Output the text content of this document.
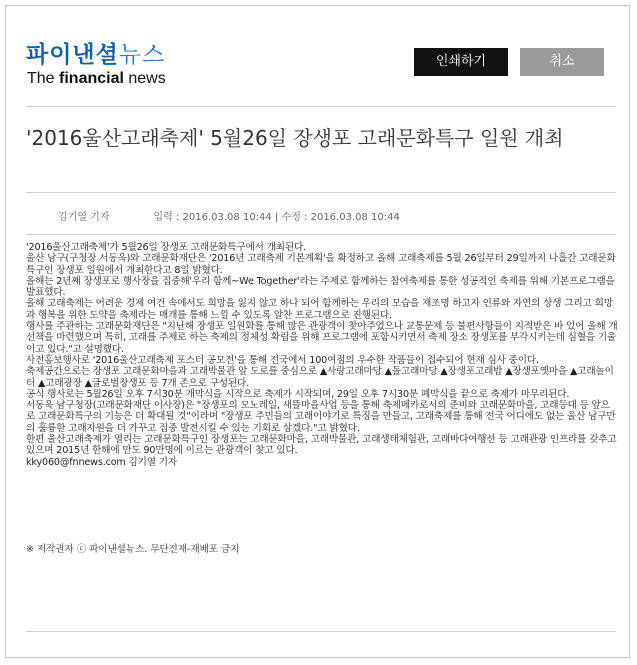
파이낸셜뉴스
The financial news
인쇄하기	취소
'2016울산고래축제' 5월26일 장생포 고래문화특구 일원 개최
김기열 기자	입력 : 2016.03.08 10:44 | 수정 : 2016.03.08 10:44

'2016울산고래축제'가 5월26일 장생포 고래문화특구에서 개최된다.

울산 남구(구청장 서동욱)와 고래문화재단은 '2016년 고래축제 기본계획'을 확정하고 올해 고래축제를 5월 26일부터 29일까지 나흘간 고래문화특구인 장생포 일원에서 개최한다고 8일 밝혔다.

올해는 2년째 장생포로 행사장을 집중해'우리 함께~We Together'라는 주제로 함께하는 참여축제를 통한 성공적인 축제를 위해 기본프로그램을 발표했다.

올해 고래축제는 어려운 경제 여건 속에서도 희망을 잃지 않고 하나 되어 함께하는 우리의 모습을 재조명 하고자 인류와 자연의 상생 그리고 희망과 행복을 위한 도약을 축제라는 매개를 통해 느낄 수 있도록 알찬 프로그램으로 진행된다.

행사를 주관하는 고래문화재단은 "지난해 장생포 일원화를 통해 많은 관광객이 찾아주었으나 교통문제 등 불편사항들이 지적받은 바 있어 올해 개선책을 마련했으며 특히, 고래를 주제로 하는 축제의 정체성 확립을 위해 프로그램에 포함시키면서 축제 장소 장생포를 부각시키는데 심혈을 기울이고 있다."고 설명했다.

사전홍보행사로 '2016울산고래축제 포스터 공모전'을 통해 전국에서 100여점의 우수한 작품들이 접수되어 현재 심사 중이다.

축제공간으로는 장생포 고래문화마을과 고래박물관 앞 도로를 중심으로 ▲사랑고래마당 ▲돌고래마당 ▲장생포고래밥 ▲장생포옛마을 ▲고래놀이터 ▲고래광장 ▲글로벌장생포 등 7개 존으로 구성된다.

공식 행사로는 5월26일 오후 7시30분 개막식을 시작으로 축제가 시작되며, 29일 오후 7시30분 폐막식을 끝으로 축제가 마무리된다.

서동욱 남구청장(고래문화재단 이사장)은 "장생포의 모노레일, 새뜰마을사업 등을 통해 축제메카로서의 준비와 고래문화마을, 고래등대 등 앞으로 고래문화특구의 기능은 더 확대될 것"이라며 "장생포 주민들의 고래이야기로 특징을 만들고, 고래축제를 통해 전국 어디에도 없는 울산 남구만의 훌륭한 고래자원을 더 가꾸고 집중 발전시킬 수 있는 기회로 삼겠다."고 밝혔다.

한편 울산고래축제가 열리는 고래문화특구인 장생포는 고래문화마을, 고래박물관, 고래생태체험관, 고래바다여행선 등 고래관광 인프라를 갖추고 있으며 2015년 한해에 만도 90만명에 이르는 관광객이 찾고 있다.

kky060@fnnews.com 김기열 기자

※ 저작권자 ⓒ 파이낸셜뉴스. 무단전재-재배포 금지
